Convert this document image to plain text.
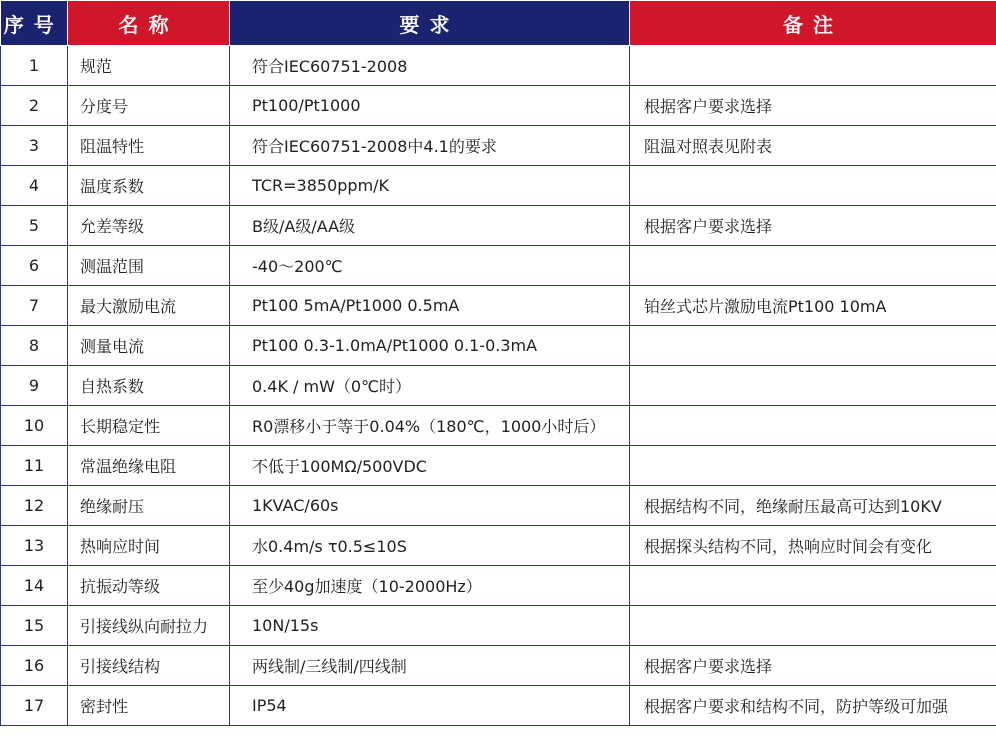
序号	名称	要求	备注
1	规范	符合IEC60751-2008	
2	分度号	Pt100/Pt1000	根据客户要求选择
3	阻温特性	符合IEC60751-2008中4.1的要求	阻温对照表见附表
4	温度系数	TCR=3850ppm/K	
5	允差等级	B级/A级/AA级	根据客户要求选择
6	测温范围	-40～200℃	
7	最大激励电流	Pt100 5mA/Pt1000 0.5mA	铂丝式芯片激励电流Pt100 10mA
8	测量电流	Pt100 0.3-1.0mA/Pt1000 0.1-0.3mA	
9	自热系数	0.4K / mW（0℃时）	
10	长期稳定性	R0漂移小于等于0.04%（180℃，1000小时后）	
11	常温绝缘电阻	不低于100MΩ/500VDC	
12	绝缘耐压	1KVAC/60s	根据结构不同，绝缘耐压最高可达到10KV
13	热响应时间	水0.4m/s τ0.5≤10S	根据探头结构不同，热响应时间会有变化
14	抗振动等级	至少40g加速度（10-2000Hz）	
15	引接线纵向耐拉力	10N/15s	
16	引接线结构	两线制/三线制/四线制	根据客户要求选择
17	密封性	IP54	根据客户要求和结构不同，防护等级可加强
